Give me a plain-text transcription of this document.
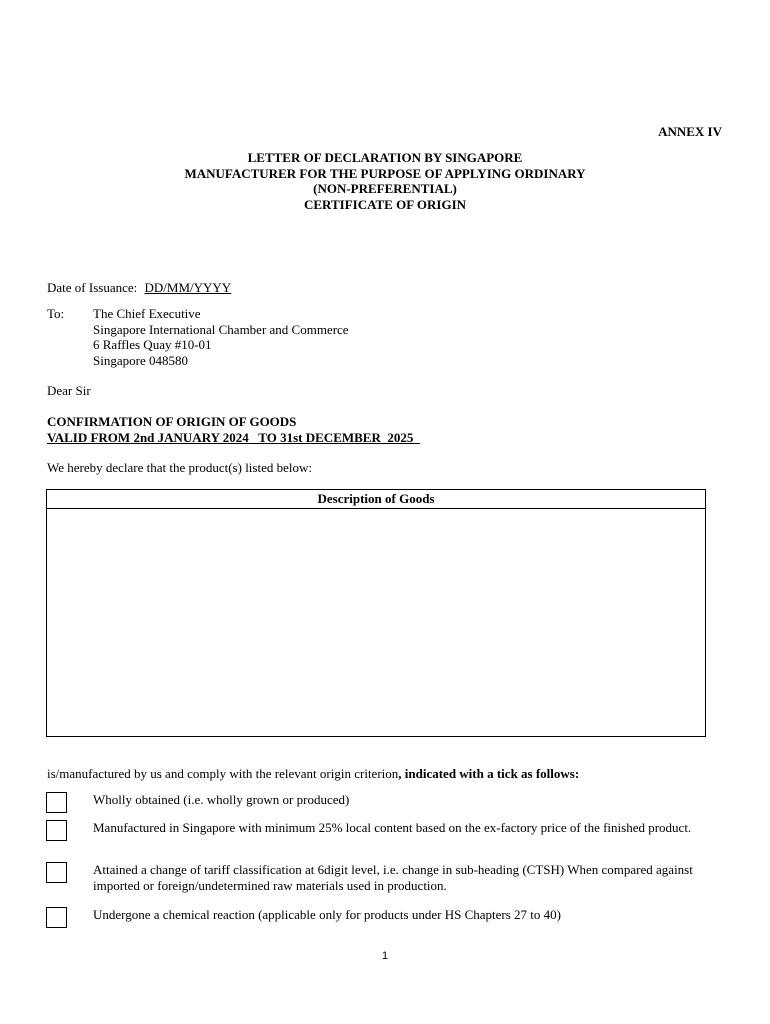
ANNEX IV
LETTER OF DECLARATION BY SINGAPORE
MANUFACTURER FOR THE PURPOSE OF APPLYING ORDINARY
(NON-PREFERENTIAL)
CERTIFICATE OF ORIGIN
Date of Issuance: DD/MM/YYYY
To: The Chief Executive
Singapore International Chamber and Commerce
6 Raffles Quay #10-01
Singapore 048580
Dear Sir
CONFIRMATION OF ORIGIN OF GOODS
VALID FROM 2nd JANUARY 2024   TO 31st DECEMBER  2025
We hereby declare that the product(s) listed below:
Description of Goods
is/manufactured by us and comply with the relevant origin criterion, indicated with a tick as follows:
Wholly obtained (i.e. wholly grown or produced)
Manufactured in Singapore with minimum 25% local content based on the ex-factory price of the finished product.
Attained a change of tariff classification at 6digit level, i.e. change in sub-heading (CTSH) When compared against imported or foreign/undetermined raw materials used in production.
Undergone a chemical reaction (applicable only for products under HS Chapters 27 to 40)
1
